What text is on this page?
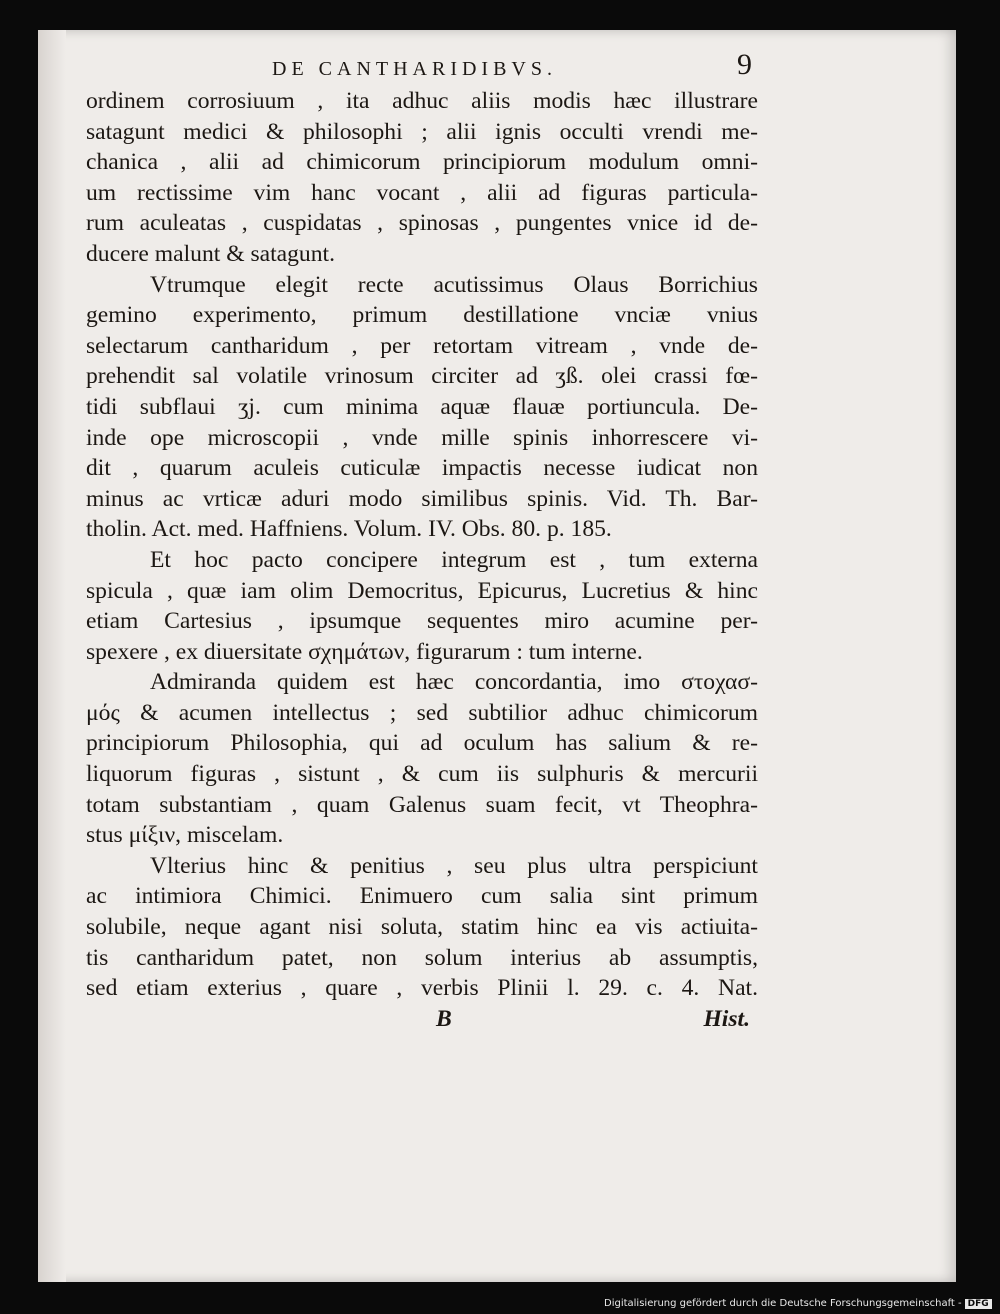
DE CANTHARIDIBVS.	9
ordinem corrosiuum , ita adhuc aliis modis hæc illustrare
satagunt medici & philosophi ; alii ignis occulti vrendi me-
chanica , alii ad chimicorum principiorum modulum omni-
um rectissime vim hanc vocant , alii ad figuras particula-
rum aculeatas , cuspidatas , spinosas , pungentes vnice id de-
ducere malunt & satagunt.
Vtrumque elegit recte acutissimus Olaus Borrichius
gemino experimento, primum destillatione vnciæ vnius
selectarum cantharidum , per retortam vitream , vnde de-
prehendit sal volatile vrinosum circiter ad ʒß. olei crassi fœ-
tidi subflaui ʒj. cum minima aquæ flauæ portiuncula. De-
inde ope microscopii , vnde mille spinis inhorrescere vi-
dit , quarum aculeis cuticulæ impactis necesse iudicat non
minus ac vrticæ aduri modo similibus spinis. Vid. Th. Bar-
tholin. Act. med. Haffniens. Volum. IV. Obs. 80. p. 185.
Et hoc pacto concipere integrum est , tum externa
spicula , quæ iam olim Democritus, Epicurus, Lucretius & hinc
etiam Cartesius , ipsumque sequentes miro acumine per-
spexere , ex diuersitate σχημάτων, figurarum : tum interne.
Admiranda quidem est hæc concordantia, imo στοχασ-
μός & acumen intellectus ; sed subtilior adhuc chimicorum
principiorum Philosophia, qui ad oculum has salium & re-
liquorum figuras , sistunt , & cum iis sulphuris & mercurii
totam substantiam , quam Galenus suam fecit, vt Theophra-
stus μίξιν, miscelam.
Vlterius hinc & penitius , seu plus ultra perspiciunt
ac intimiora Chimici. Enimuero cum salia sint primum
solubile, neque agant nisi soluta, statim hinc ea vis actiuita-
tis cantharidum patet, non solum interius ab assumptis,
sed etiam exterius , quare , verbis Plinii l. 29. c. 4. Nat.
B	Hist.
Digitalisierung gefördert durch die Deutsche Forschungsgemeinschaft - DFG
